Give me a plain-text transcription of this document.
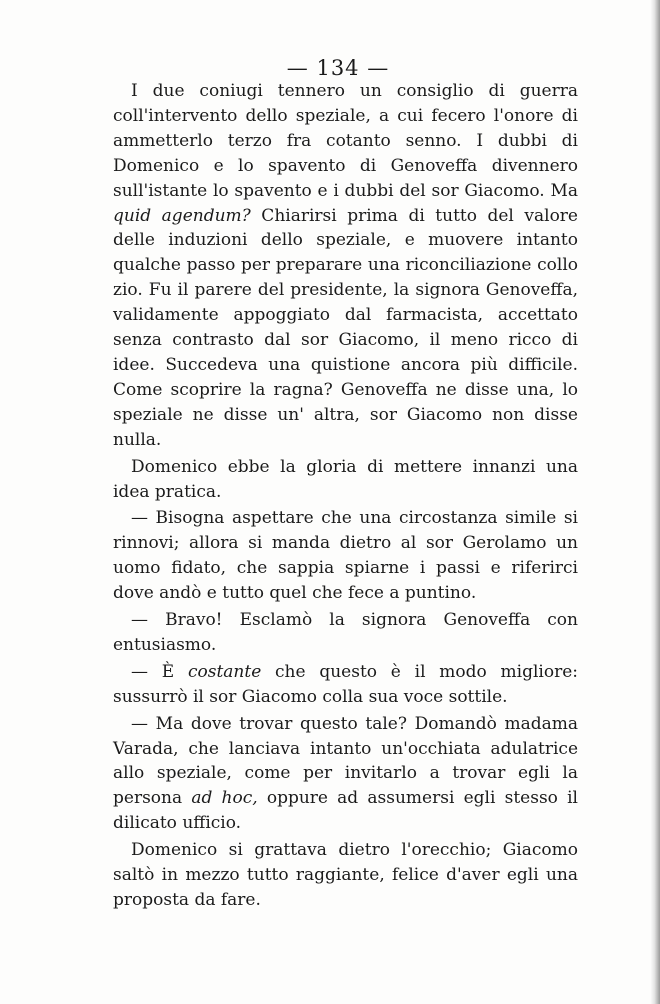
— 134 —

I due coniugi tennero un consiglio di guerra coll'intervento dello speziale, a cui fecero l'onore di ammetterlo terzo fra cotanto senno. I dubbi di Domenico e lo spavento di Genoveffa divennero sull'istante lo spavento e i dubbi del sor Giacomo. Ma quid agendum? Chiarirsi prima di tutto del valore delle induzioni dello speziale, e muovere intanto qualche passo per preparare una riconciliazione collo zio. Fu il parere del presidente, la signora Genoveffa, validamente appoggiato dal farmacista, accettato senza contrasto dal sor Giacomo, il meno ricco di idee. Succedeva una quistione ancora più difficile. Come scoprire la ragna? Genoveffa ne disse una, lo speziale ne disse un' altra, sor Giacomo non disse nulla.

Domenico ebbe la gloria di mettere innanzi una idea pratica.

— Bisogna aspettare che una circostanza simile si rinnovi; allora si manda dietro al sor Gerolamo un uomo fidato, che sappia spiarne i passi e riferirci dove andò e tutto quel che fece a puntino.

— Bravo! Esclamò la signora Genoveffa con entusiasmo.

— È costante che questo è il modo migliore: sussurrò il sor Giacomo colla sua voce sottile.

— Ma dove trovar questo tale? Domandò madama Varada, che lanciava intanto un'occhiata adulatrice allo speziale, come per invitarlo a trovar egli la persona ad hoc, oppure ad assumersi egli stesso il dilicato ufficio.

Domenico si grattava dietro l'orecchio; Giacomo saltò in mezzo tutto raggiante, felice d'aver egli una proposta da fare.
